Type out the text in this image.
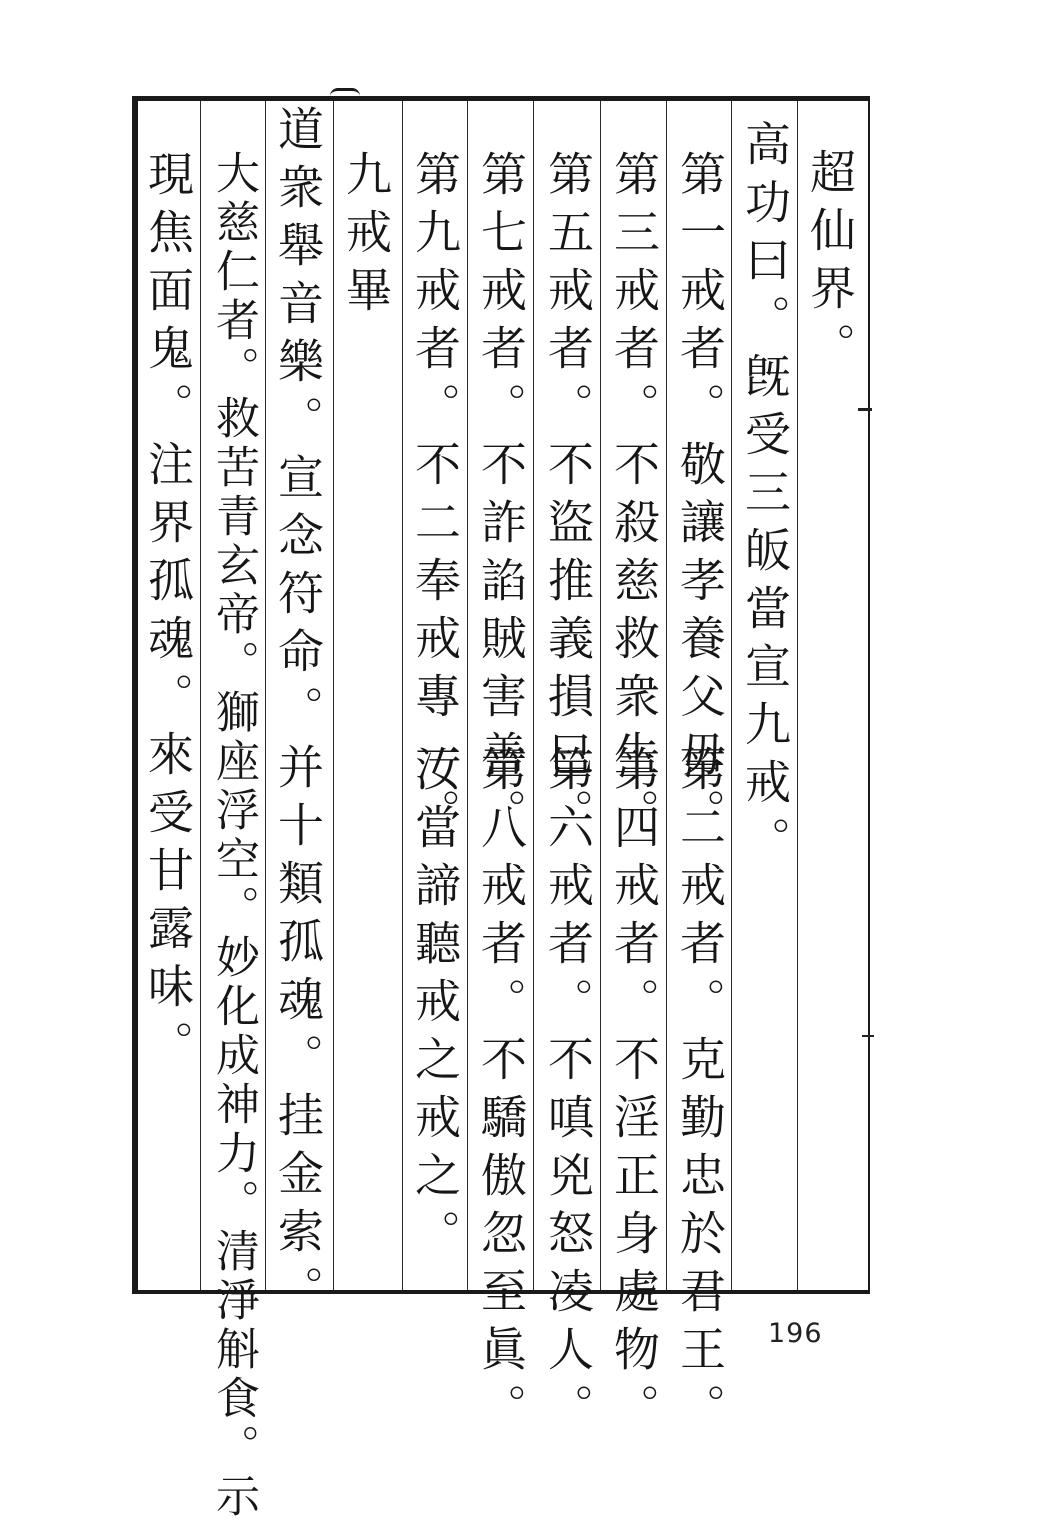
超仙界。
高功曰。旣受三皈當宣九戒。
第一戒者。敬讓孝養父毋。
第二戒者。克勤忠於君王。
第三戒者。不殺慈救衆生。
第四戒者。不淫正身處物。
第五戒者。不盜推義損巳。
第六戒者。不嗔兇怒凌人。
第七戒者。不詐諂賊害善。
第八戒者。不驕傲忽至眞。
第九戒者。不二奉戒專一。
汝當諦聽戒之戒之。
九戒畢
道衆舉音樂。宣念符命。并十類孤魂。挂金索。
大慈仁者。救苦青玄帝。獅座浮空。妙化成神力。清淨斛食。示
現焦面鬼。注界孤魂。來受甘露味。
196
